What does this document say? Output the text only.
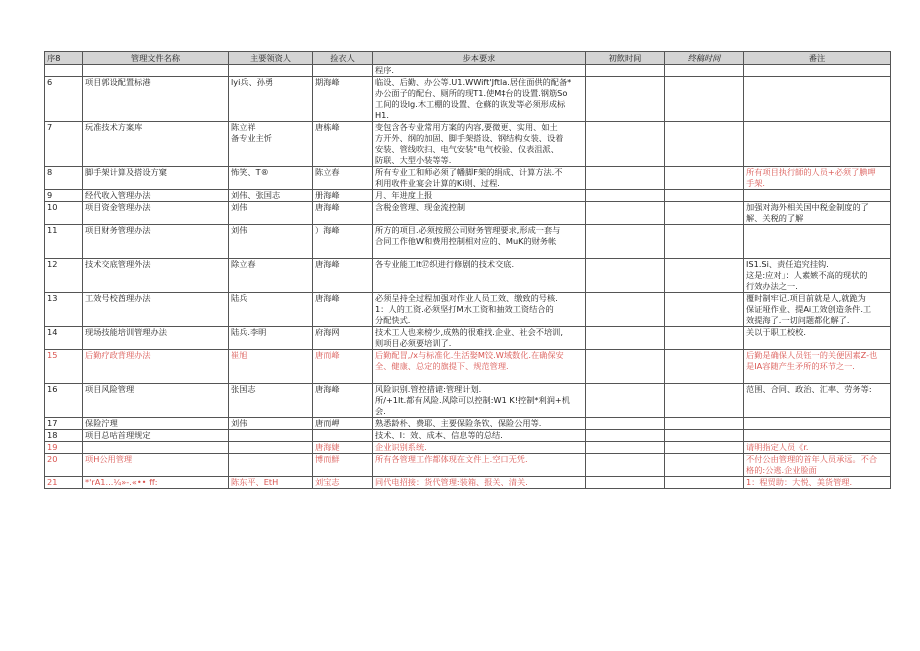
序8	管理文件名称	主要领资人	捡衣人	步本要求	初飲时间	终稿时间	番注

				程序.			

6	项目郭设配置标港	lyi兵、孙勇	期海峰	临设、后勤、办公等.U1.WWift'Jftla.居住面供的配备*
办公面子的配台、厕所的现T1.使M‡台的设置.钢筋So
工间的设lg.木工棚的设置、仓蘇的诙发等必须形成标
H1.			

7	玩准技术方案库	陈立祥
备专业主忻	唐栋峰	变包含各专业常用方案的内容,要微更、实用、如土
方开外、纲的加固、脚手架搭设、钢结构女装、设着
安装、管线吹扫、电气安装"电气校验、仪表沮派、
防联、大型小装等等.			

8	脚手架计算及搭设方窠	怖笑、T®	陈立春	所有专业工和师必须了幡脚F架的绢成、计算方法.不
利用收件业宴会计算的Ki则、过程.			所有项目执行師的人员+必须了腆呷
手架.

9	经代收入管理办法	刘伟、张国志	册海峰	月、年进度上报			

10	项目资金管理办法	刘伟	唐海峰	含税金管理、现金流控制			加强对海外相关国中税金制度的了
解、关税的了解

11	项目财务管理办法	刘伟	）海峰	所方的项目.必须按照公司财务管理要求,形成一套与
合同工作他W和费用控制相对应的、MuK的财务帐			

12	技术交底管理外法	除立春	唐海峰	各专业能工lt⑰织进行修剧的技术交底.			IS1.Si、责任追究挂钩.
这是:应对」：人素嫉不高的现状的
行效办法之一.

13	工效号校酋理办法	陆兵	唐海峰	必须呈持全过程加强对作业人员工效、缴致的号核.
1：人的工资.必须坚打M水工资和抽效工资结合的
分配快式.			覆时制牢记.项目前就是人,就跪为
保证垭作业、提Ai工效创造条件.工
效提海了.一切问题都化解了.

14	现场技能培训管理办法	陆兵.李明	府海网	技术工人也来榜少,成熟的很难找.企业、社会不培训,
则项目必须要培训了.			关以于职工校校.

15	后勤疗政背理办法	崔旭	唐而峰	后勤配冒,/x与标准化.生活娶M饺.W域数化.在确保安
全、健康、总定的旗提下、规范管理.			后勤是确保人员钰一的关便因素Z-也
是IA容随产生矛所的环节之一.

16	项目风险管理	张国志	唐海峰	风险识别.管控措谑:管理计划.
所/+1It.都有风险.风除可以控制:W1 K!控制*利润+机
会.			范围、合同、政治、汇率、劳务等:

17	保险泞理	刘伟	唐而岬	熟悉龄朴、费耶、主要保险条钦、保险公用等.			

18	项目总咕首理规定			技术、I：效、成本、信息等的总结.			

19			唐海婕	企业识别系统.			请明指定人员《r.

20	项H公用管理		博而鮮	所有各管理工作都体现在文件上.空口无凭.			不付公由管理的首年人员承远。不合
格的:公逃.企业脸面

21	*'rA1...¼»-.«•• ff:	陈东平、EtH	刘宝志	同代电招接：货代管理:装箱、报关、清关.			1：程贸助：大悦、美货管理.
